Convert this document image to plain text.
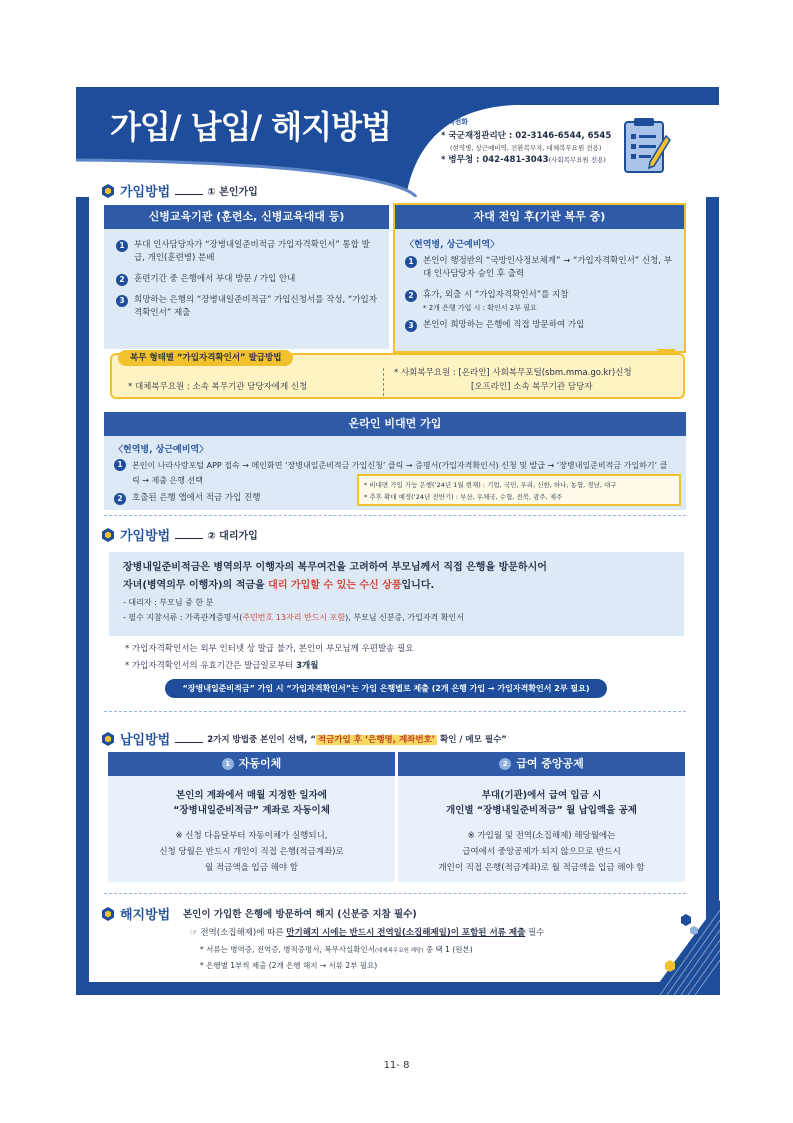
가입/ 납입/ 해지방법	문의전화
* 국군재정관리단 : 02-3146-6544, 6545
(현역병, 상근예비역, 전환복무자, 대체복무요원 전용)
* 병무청 : 042-481-3043(사회복무요원 전용)
가입방법	① 본인가입
신병교육기관 (훈련소, 신병교육대대 등)
1	부대 인사담당자가 “장병내일준비적금 가입자격확인서” 통합 발급, 개인(훈련병) 분배
2	훈련기간 중 은행에서 부대 방문 / 가입 안내
3	희망하는 은행의 “장병내일준비적금” 가입신청서를 작성, “가입자격확인서” 제출
자대 전입 후(기관 복무 중)
〈현역병, 상근예비역〉
1	본인이 행정반의 “국방인사정보체계” → “가입자격확인서” 신청, 부대 인사담당자 승인 후 출력
2	휴가, 외출 시 “가입자격확인서”를 지참
* 2개 은행 가입 시 : 확인서 2부 필요
3	본인이 희망하는 은행에 직접 방문하여 가입
복무 형태별 “가입자격확인서” 발급방법
* 대체복무요원 : 소속 복무기관 담당자에게 신청
* 사회복무요원 : [온라인] 사회복무포털(sbm.mma.go.kr)신청
[오프라인] 소속 복무기관 담당자
온라인 비대면 가입
〈현역병, 상근예비역〉
1	본인이 나라사랑포털 APP 접속 → 메인화면 ‘장병내일준비적금 가입신청’ 클릭 → 증명서(가입자격확인서) 신청 및 발급 → ‘장병내일준비적금 가입하기’ 클릭 → 제출 은행 선택
2	호출된 은행 앱에서 적금 가입 진행
* 비대면 가입 가능 은행(’24년 1월 현재) : 기업, 국민, 우리, 신한, 하나, 농협, 경남, 대구
* 추후 확대 예정(’24년 전반기) : 부산, 우체국, 수협, 전북, 광주, 제주
가입방법	② 대리가입
장병내일준비적금은 병역의무 이행자의 복무여건을 고려하여 부모님께서 직접 은행을 방문하시어
자녀(병역의무 이행자)의 적금을 대리 가입할 수 있는 수신 상품입니다.
- 대리자 : 부모님 중 한 분
- 필수 지참서류 : 가족관계증명서(주민번호 13자리 반드시 포함), 부모님 신분증, 가입자격 확인서
* 가입자격확인서는 외부 인터넷 상 발급 불가, 본인이 부모님께 우편발송 필요
* 가입자격확인서의 유효기간은 발급일로부터 3개월
“장병내일준비적금” 가입 시 “가입자격확인서”는 가입 은행별로 제출 (2개 은행 가입 → 가입자격확인서 2부 필요)
납입방법	2가지 방법중 본인이 선택, “ 적금가입 후 ‘은행명, 계좌번호’ 확인 / 메모 필수”
1 자동이체	2 급여 중앙공제
본인의 계좌에서 매월 지정한 일자에
“장병내일준비적금” 계좌로 자동이체
※ 신청 다음달부터 자동이체가 실행되니,
신청 당월은 반드시 개인이 직접 은행(적금계좌)로
월 적금액을 입금 해야 함
부대(기관)에서 급여 입금 시
개인별 “장병내일준비적금” 월 납입액을 공제
※ 가입월 및 전역(소집해제) 해당월에는
급여에서 중앙공제가 되지 않으므로 반드시
개인이 직접 은행(적금계좌)로 월 적금액을 입금 해야 함
해지방법 본인이 가입한 은행에 방문하여 해지 (신분증 지참 필수)
☞ 전역(소집해제)에 따른 만기해지 시에는 반드시 전역일(소집해제일)이 포함된 서류 제출 필수
* 서류는 병역증, 전역증, 병적증명서, 복무사실확인서(대체복무요원 해당) 중 택 1 (원본)
* 은행별 1부씩 제출 (2개 은행 해지 → 서류 2부 필요)
11- 8
